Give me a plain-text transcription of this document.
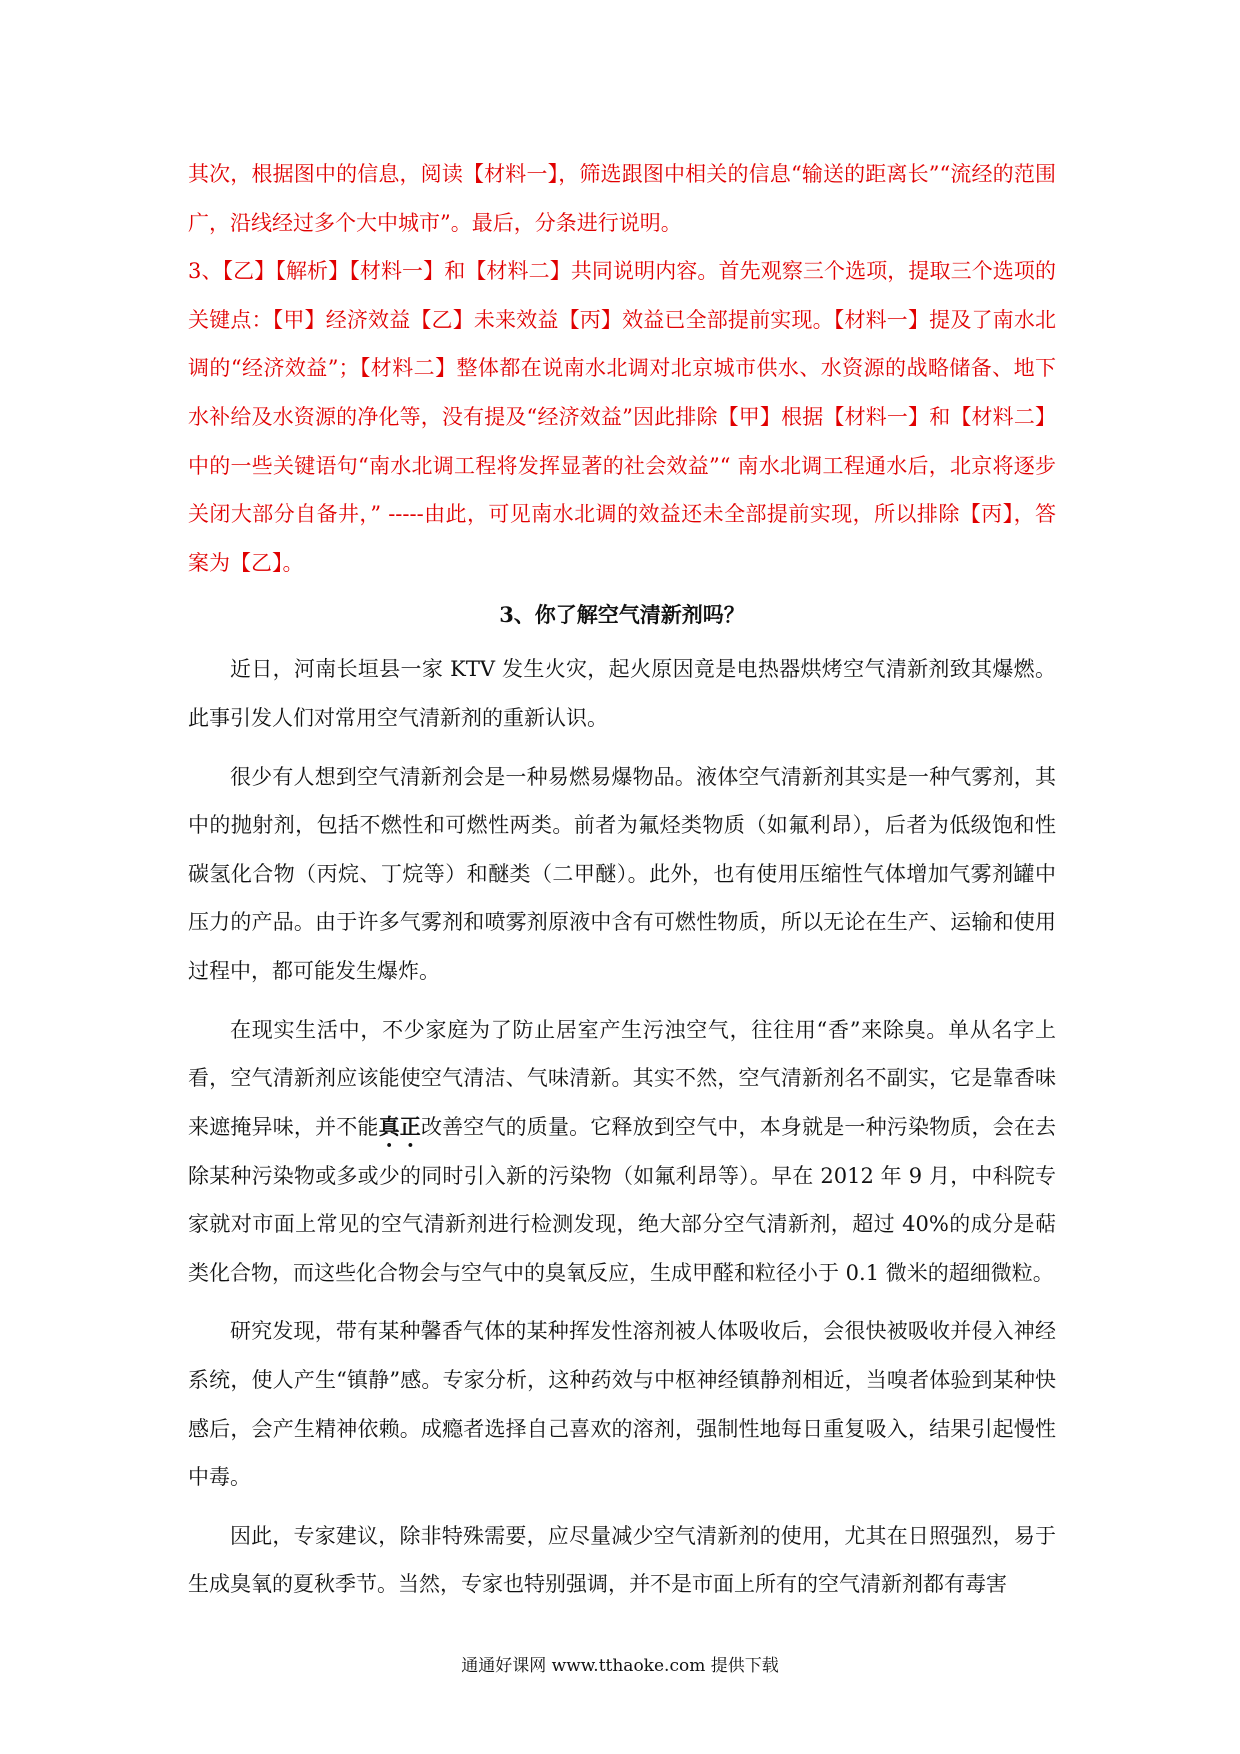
其次，根据图中的信息，阅读【材料一】，筛选跟图中相关的信息“输送的距离长”“流经的范围广，沿线经过多个大中城市”。最后，分条进行说明。

3、【乙】【解析】【材料一】和【材料二】共同说明内容。首先观察三个选项，提取三个选项的关键点：【甲】经济效益【乙】未来效益【丙】效益已全部提前实现。【材料一】提及了南水北调的“经济效益”；【材料二】整体都在说南水北调对北京城市供水、水资源的战略储备、地下水补给及水资源的净化等，没有提及“经济效益”因此排除【甲】根据【材料一】和【材料二】中的一些关键语句“南水北调工程将发挥显著的社会效益”“ 南水北调工程通水后，北京将逐步关闭大部分自备井，” -----由此，可见南水北调的效益还未全部提前实现，所以排除【丙】，答案为【乙】。

3、你了解空气清新剂吗？

近日，河南长垣县一家 KTV 发生火灾，起火原因竟是电热器烘烤空气清新剂致其爆燃。此事引发人们对常用空气清新剂的重新认识。

很少有人想到空气清新剂会是一种易燃易爆物品。液体空气清新剂其实是一种气雾剂，其中的抛射剂，包括不燃性和可燃性两类。前者为氟烃类物质（如氟利昂），后者为低级饱和性碳氢化合物（丙烷、丁烷等）和醚类（二甲醚）。此外，也有使用压缩性气体增加气雾剂罐中压力的产品。由于许多气雾剂和喷雾剂原液中含有可燃性物质，所以无论在生产、运输和使用过程中，都可能发生爆炸。

在现实生活中，不少家庭为了防止居室产生污浊空气，往往用“香”来除臭。单从名字上看，空气清新剂应该能使空气清洁、气味清新。其实不然，空气清新剂名不副实，它是靠香味来遮掩异味，并不能真正改善空气的质量。它释放到空气中，本身就是一种污染物质，会在去除某种污染物或多或少的同时引入新的污染物（如氟利昂等）。早在 2012 年 9 月，中科院专家就对市面上常见的空气清新剂进行检测发现，绝大部分空气清新剂，超过 40%的成分是萜类化合物，而这些化合物会与空气中的臭氧反应，生成甲醛和粒径小于 0.1 微米的超细微粒。

研究发现，带有某种馨香气体的某种挥发性溶剂被人体吸收后，会很快被吸收并侵入神经系统，使人产生“镇静”感。专家分析，这种药效与中枢神经镇静剂相近，当嗅者体验到某种快感后，会产生精神依赖。成瘾者选择自己喜欢的溶剂，强制性地每日重复吸入，结果引起慢性中毒。

因此，专家建议，除非特殊需要，应尽量减少空气清新剂的使用，尤其在日照强烈，易于生成臭氧的夏秋季节。当然，专家也特别强调，并不是市面上所有的空气清新剂都有毒害

通通好课网 www.tthaoke.com 提供下载
